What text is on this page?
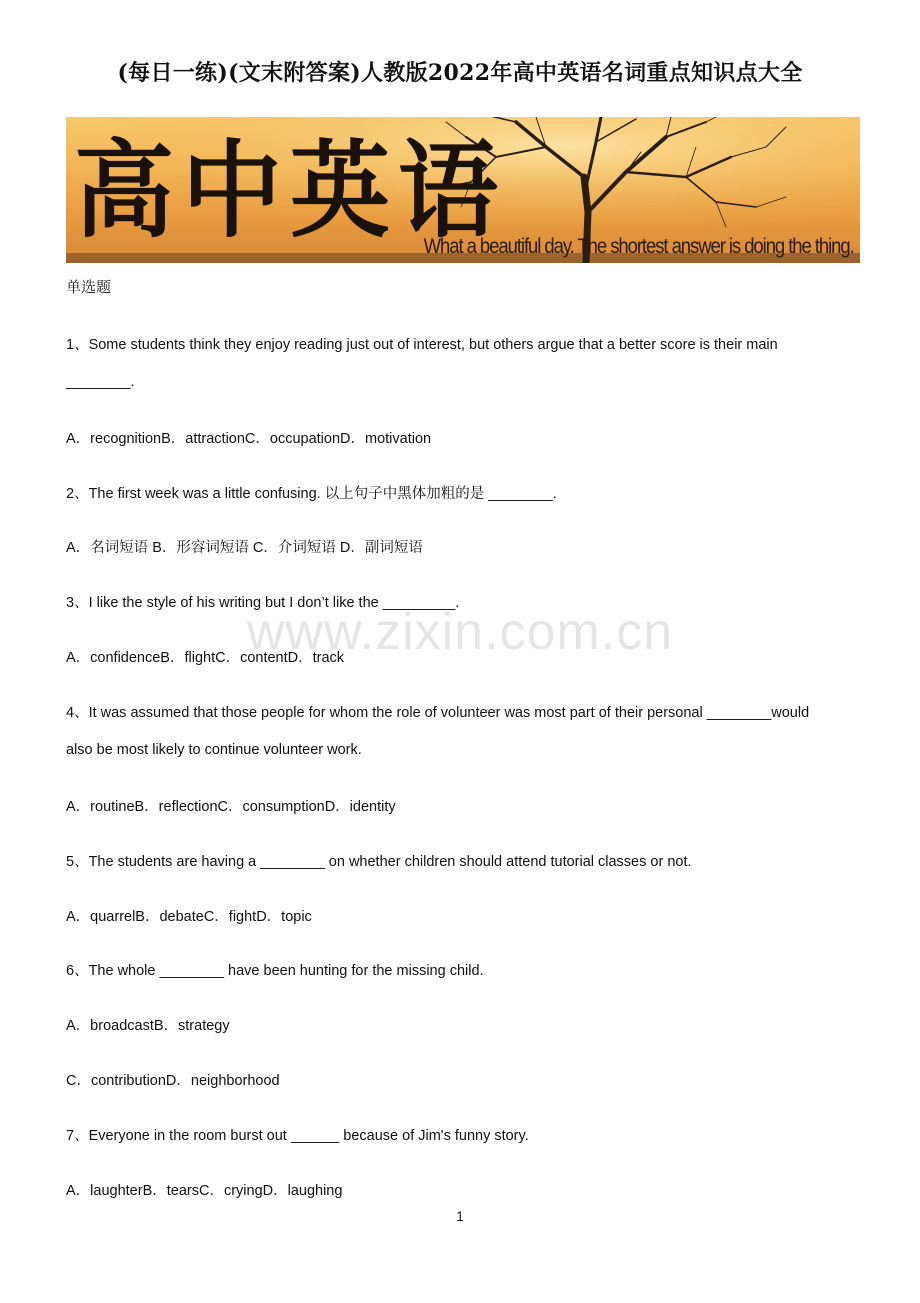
(每日一练)(文末附答案)人教版2022年高中英语名词重点知识点大全
高中英语
What a beautiful day. The shortest answer is doing the thing.
单选题
www.zixin.com.cn
1、Some students think they enjoy reading just out of interest, but others argue that a better score is their main
________.
A．recognitionB．attractionC．occupationD．motivation
2、The first week was a little confusing. 以上句子中黑体加粗的是 ________.
A．名词短语 B．形容词短语 C．介词短语 D．副词短语
3、I like the style of his writing but I don’t like the _________.
A．confidenceB．flightC．contentD．track
4、It was assumed that those people for whom the role of volunteer was most part of their personal ________would
also be most likely to continue volunteer work.
A．routineB．reflectionC．consumptionD．identity
5、The students are having a ________ on whether children should attend tutorial classes or not.
A．quarrelB．debateC．fightD．topic
6、The whole ________ have been hunting for the missing child.
A．broadcastB．strategy
C．contributionD．neighborhood
7、Everyone in the room burst out ______ because of Jim's funny story.
A．laughterB．tearsC．cryingD．laughing
1
